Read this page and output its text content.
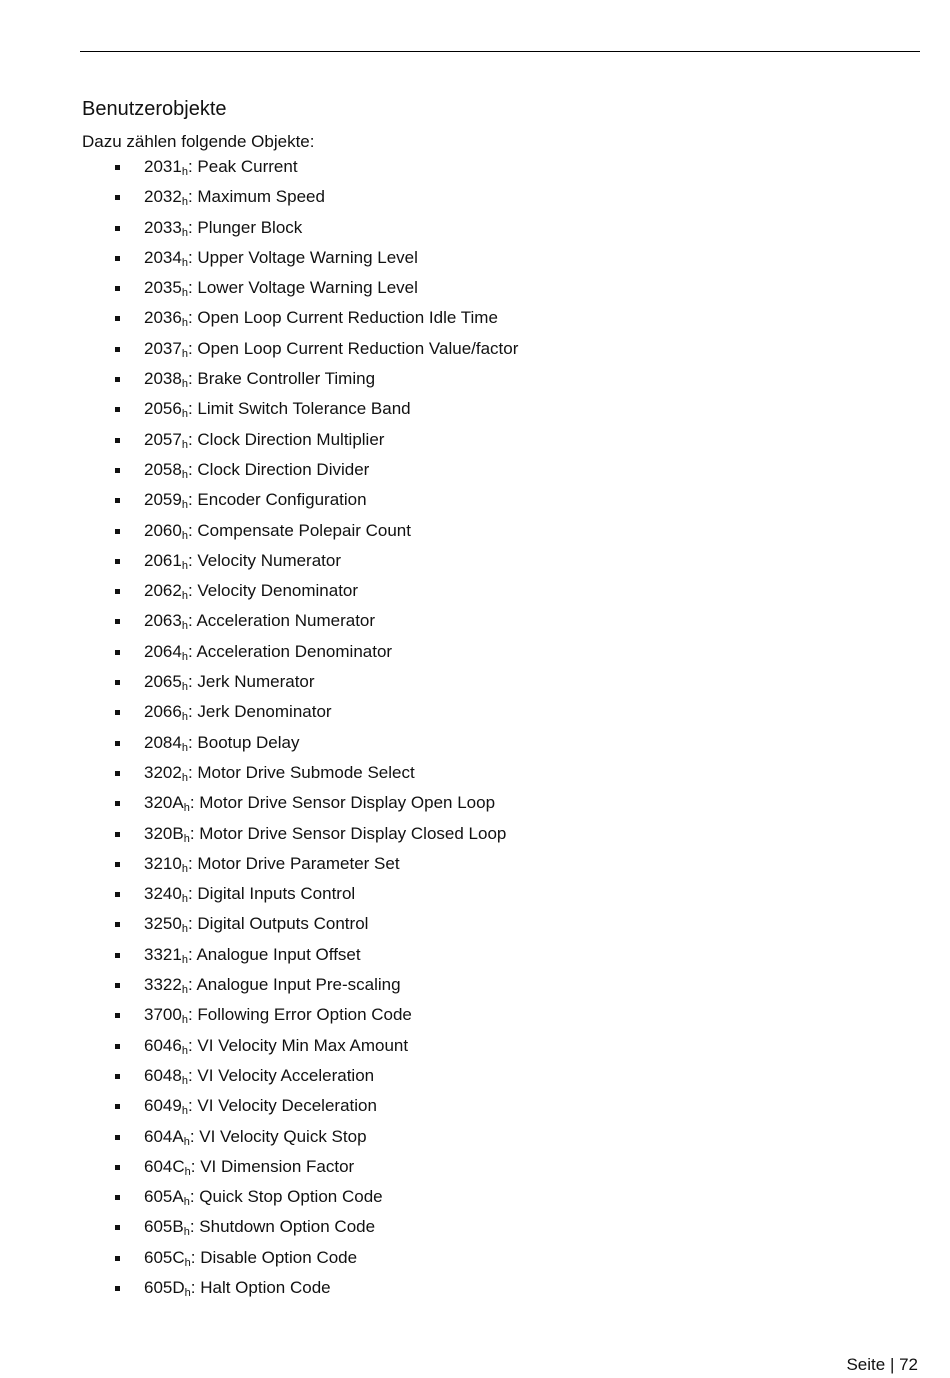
Benutzerobjekte

Dazu zählen folgende Objekte:

$2031_h$: Peak Current
$2032_h$: Maximum Speed
$2033_h$: Plunger Block
$2034_h$: Upper Voltage Warning Level
$2035_h$: Lower Voltage Warning Level
$2036_h$: Open Loop Current Reduction Idle Time
$2037_h$: Open Loop Current Reduction Value/factor
$2038_h$: Brake Controller Timing
$2056_h$: Limit Switch Tolerance Band
$2057_h$: Clock Direction Multiplier
$2058_h$: Clock Direction Divider
$2059_h$: Encoder Configuration
$2060_h$: Compensate Polepair Count
$2061_h$: Velocity Numerator
$2062_h$: Velocity Denominator
$2063_h$: Acceleration Numerator
$2064_h$: Acceleration Denominator
$2065_h$: Jerk Numerator
$2066_h$: Jerk Denominator
$2084_h$: Bootup Delay
$3202_h$: Motor Drive Submode Select
$320A_h$: Motor Drive Sensor Display Open Loop
$320B_h$: Motor Drive Sensor Display Closed Loop
$3210_h$: Motor Drive Parameter Set
$3240_h$: Digital Inputs Control
$3250_h$: Digital Outputs Control
$3321_h$: Analogue Input Offset
$3322_h$: Analogue Input Pre-scaling
$3700_h$: Following Error Option Code
$6046_h$: VI Velocity Min Max Amount
$6048_h$: VI Velocity Acceleration
$6049_h$: VI Velocity Deceleration
$604A_h$: VI Velocity Quick Stop
$604C_h$: VI Dimension Factor
$605A_h$: Quick Stop Option Code
$605B_h$: Shutdown Option Code
$605C_h$: Disable Option Code
$605D_h$: Halt Option Code
Seite | 72
